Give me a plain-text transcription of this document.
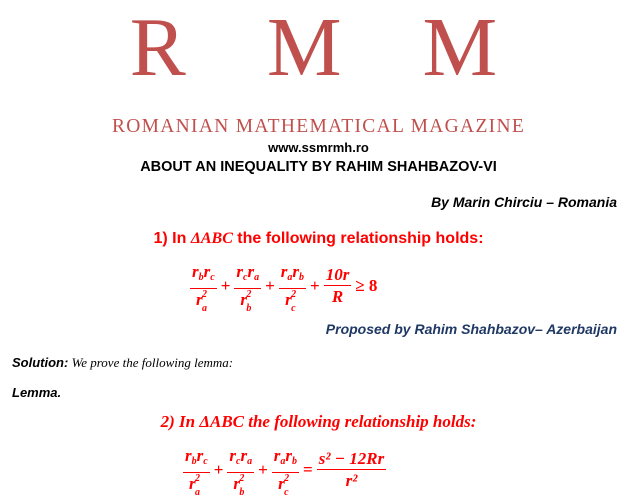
R M M
ROMANIAN MATHEMATICAL MAGAZINE
www.ssmrmh.ro
ABOUT AN INEQUALITY BY RAHIM SHAHBAZOV-VI
By Marin Chirciu – Romania
1) In ΔABC the following relationship holds:
$r_br_c$
r 2
$a + r_cr_a$
r 2
$b + r_ar_b$
r 2
$c + \frac{10r}{R} \ge 8$
Proposed by Rahim Shahbazov– Azerbaijan
Solution: We prove the following lemma:
Lemma.
2) In ΔABC the following relationship holds:
$r_br_c$
r 2
$a + r_cr_a$
r 2
$b + r_ar_b$
r 2
$c = \frac{\text{s² − 12Rr}}{\text{r²}}$
